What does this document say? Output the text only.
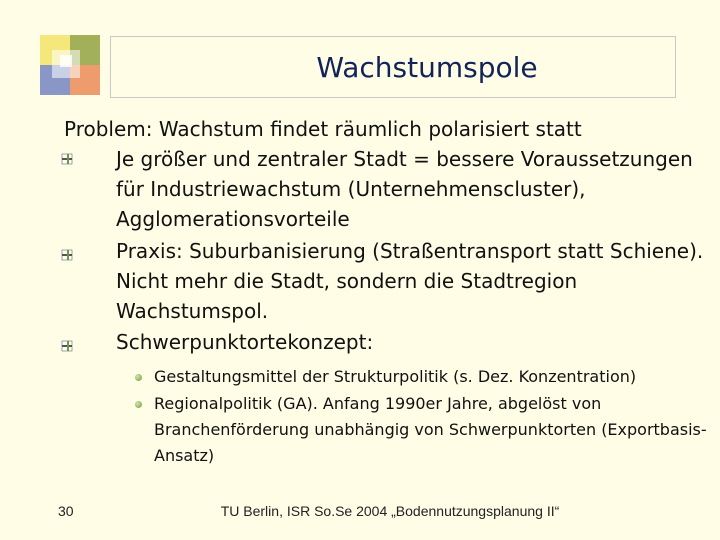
Wachstumspole
Problem: Wachstum findet räumlich polarisiert statt
Je größer und zentraler Stadt = bessere Voraussetzungen für Industriewachstum (Unternehmenscluster), Agglomerationsvorteile
Praxis: Suburbanisierung (Straßentransport statt Schiene). Nicht mehr die Stadt, sondern die Stadtregion Wachstumspol.
Schwerpunktortekonzept:
Gestaltungsmittel der Strukturpolitik (s. Dez. Konzentration)
Regionalpolitik (GA). Anfang 1990er Jahre, abgelöst von Branchenförderung unabhängig von Schwerpunktorten (Exportbasis-Ansatz)
30	TU Berlin, ISR So.Se 2004 „Bodennutzungsplanung II“
